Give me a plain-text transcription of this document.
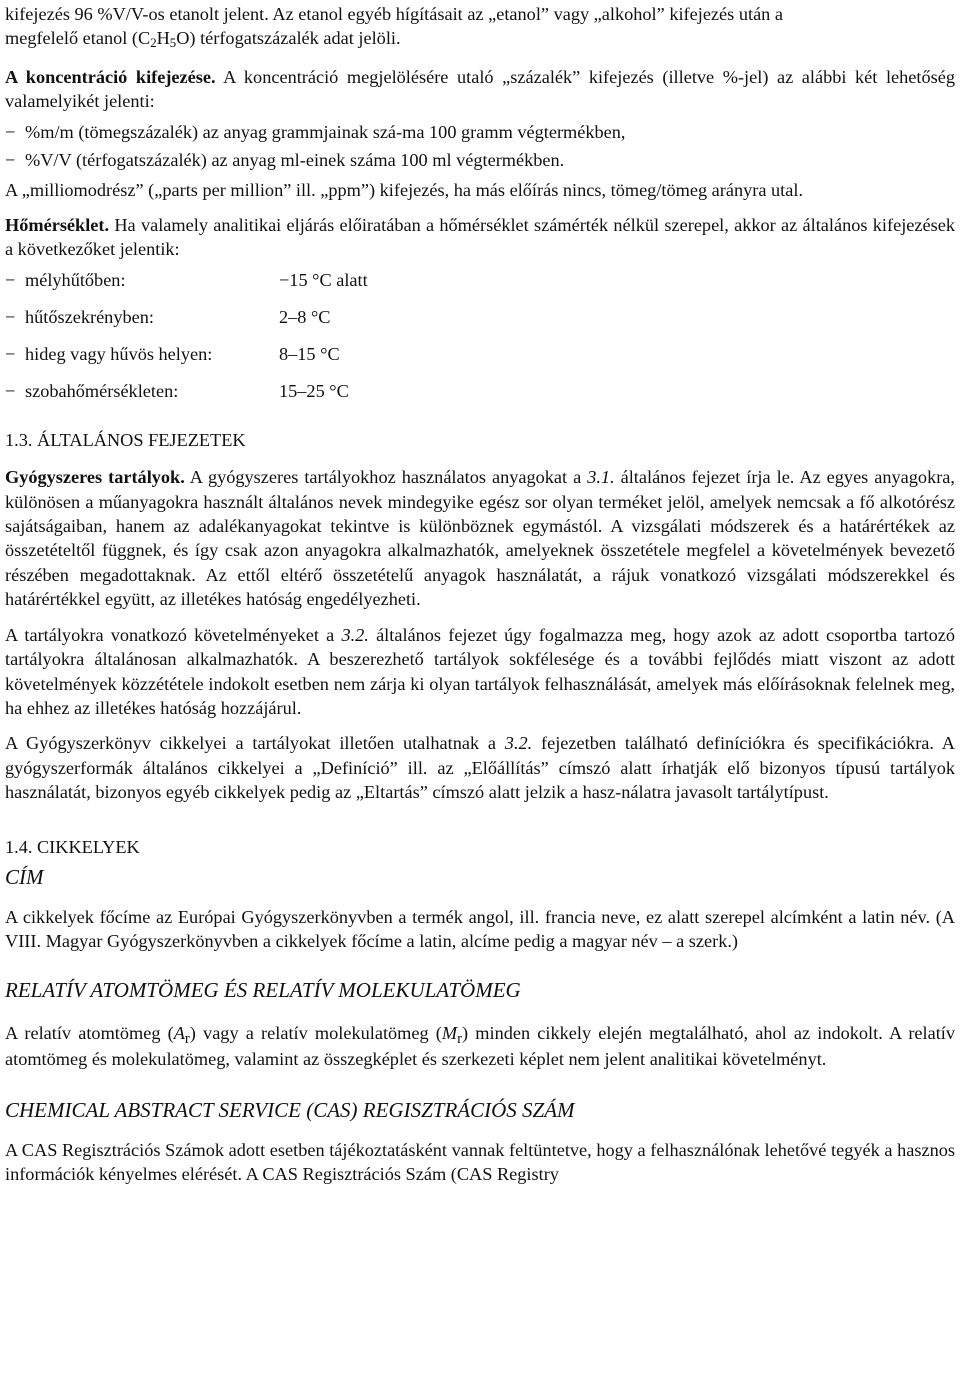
kifejezés 96 %V/V-os etanolt jelent. Az etanol egyéb hígításait az „etanol” vagy „alkohol” kifejezés után a
megfelelő etanol $(C_2H_5O)$ térfogatszázalék adat jelöli.

A koncentráció kifejezése. A koncentráció megjelölésére utaló „százalék” kifejezés (illetve %-jel) az alábbi két lehetőség valamelyikét jelenti:

− %m/m (tömegszázalék) az anyag grammjainak szá-ma 100 gramm végtermékben,
− %V/V (térfogatszázalék) az anyag ml-einek száma 100 ml végtermékben.

A „milliomodrész” („parts per million” ill. „ppm”) kifejezés, ha más előírás nincs, tömeg/tömeg arányra utal.

Hőmérséklet. Ha valamely analitikai eljárás előiratában a hőmérséklet számérték nélkül szerepel, akkor az általános kifejezések a következőket jelentik:

− mélyhűtőben:	−15 °C alatt
− hűtőszekrényben:	2–8 °C
− hideg vagy hűvös helyen:	8–15 °C
− szobahőmérsékleten:	15–25 °C

1.3. ÁLTALÁNOS FEJEZETEK

Gyógyszeres tartályok. A gyógyszeres tartályokhoz használatos anyagokat a 3.1. általános fejezet írja le. Az egyes anyagokra, különösen a műanyagokra használt általános nevek mindegyike egész sor olyan terméket jelöl, amelyek nemcsak a fő alkotórész sajátságaiban, hanem az adalékanyagokat tekintve is különböznek egymástól. A vizsgálati módszerek és a határértékek az összetételtől függnek, és így csak azon anyagokra alkalmazhatók, amelyeknek összetétele megfelel a követelmények bevezető részében megadottaknak. Az ettől eltérő összetételű anyagok használatát, a rájuk vonatkozó vizsgálati módszerekkel és határértékkel együtt, az illetékes hatóság engedélyezheti.

A tartályokra vonatkozó követelményeket a 3.2. általános fejezet úgy fogalmazza meg, hogy azok az adott csoportba tartozó tartályokra általánosan alkalmazhatók. A beszerezhető tartályok sokfélesége és a további fejlődés miatt viszont az adott követelmények közzététele indokolt esetben nem zárja ki olyan tartályok felhasználását, amelyek más előírásoknak felelnek meg, ha ehhez az illetékes hatóság hozzájárul.

A Gyógyszerkönyv cikkelyei a tartályokat illetően utalhatnak a 3.2. fejezetben található definíciókra és specifikációkra. A gyógyszerformák általános cikkelyei a „Definíció” ill. az „Előállítás” címszó alatt írhatják elő bizonyos típusú tartályok használatát, bizonyos egyéb cikkelyek pedig az „Eltartás” címszó alatt jelzik a hasz-nálatra javasolt tartálytípust.

1.4. CIKKELYEK

CÍM

A cikkelyek főcíme az Európai Gyógyszerkönyvben a termék angol, ill. francia neve, ez alatt szerepel alcímként a latin név. (A VIII. Magyar Gyógyszerkönyvben a cikkelyek főcíme a latin, alcíme pedig a magyar név – a szerk.)

RELATÍV ATOMTÖMEG ÉS RELATÍV MOLEKULATÖMEG

A relatív atomtömeg $(A_r)$ vagy a relatív molekulatömeg $(M_r)$ minden cikkely elején megtalálható, ahol az indokolt. A relatív atomtömeg és molekulatömeg, valamint az összegképlet és szerkezeti képlet nem jelent analitikai követelményt.

CHEMICAL ABSTRACT SERVICE (CAS) REGISZTRÁCIÓS SZÁM

A CAS Regisztrációs Számok adott esetben tájékoztatásként vannak feltüntetve, hogy a felhasználónak lehetővé tegyék a hasznos információk kényelmes elérését. A CAS Regisztrációs Szám (CAS Registry
